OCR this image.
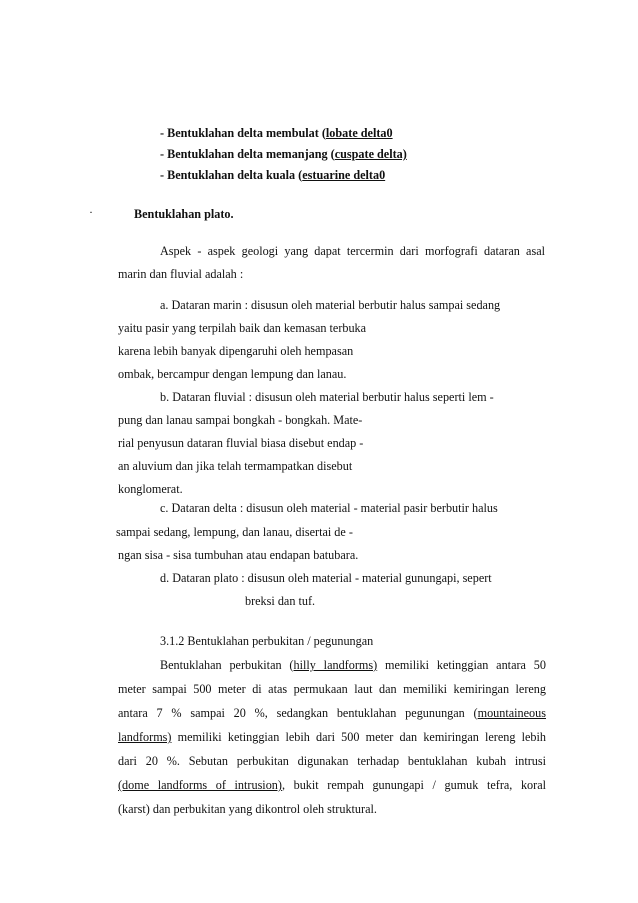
- Bentuklahan delta membulat (lobate delta0
- Bentuklahan delta memanjang (cuspate delta)
- Bentuklahan delta kuala (estuarine delta0
·	Bentuklahan plato.
Aspek - aspek geologi yang dapat tercermin dari morfografi dataran asal
marin dan fluvial adalah :
a. Dataran marin : disusun oleh material berbutir halus sampai sedang
yaitu pasir yang terpilah baik dan kemasan terbuka
karena lebih banyak dipengaruhi oleh hempasan
ombak, bercampur dengan lempung dan lanau.
b. Dataran fluvial : disusun oleh material berbutir halus seperti lem -
pung dan lanau sampai bongkah - bongkah. Mate-
rial penyusun dataran fluvial biasa disebut endap -
an aluvium dan jika telah termampatkan disebut
konglomerat.
c. Dataran delta : disusun oleh material - material pasir berbutir halus
sampai sedang, lempung, dan lanau, disertai de -
ngan sisa - sisa tumbuhan atau endapan batubara.
d. Dataran plato : disusun oleh material - material gunungapi, sepert
breksi dan tuf.
3.1.2 Bentuklahan perbukitan / pegunungan
Bentuklahan perbukitan (hilly landforms) memiliki ketinggian antara 50
meter sampai 500 meter di atas permukaan laut dan memiliki kemiringan lereng
antara 7 % sampai 20 %, sedangkan bentuklahan pegunungan (mountaineous
landforms) memiliki ketinggian lebih dari 500 meter dan kemiringan lereng lebih
dari 20 %. Sebutan perbukitan digunakan terhadap bentuklahan kubah intrusi
(dome landforms of intrusion), bukit rempah gunungapi / gumuk tefra, koral
(karst) dan perbukitan yang dikontrol oleh struktural.
